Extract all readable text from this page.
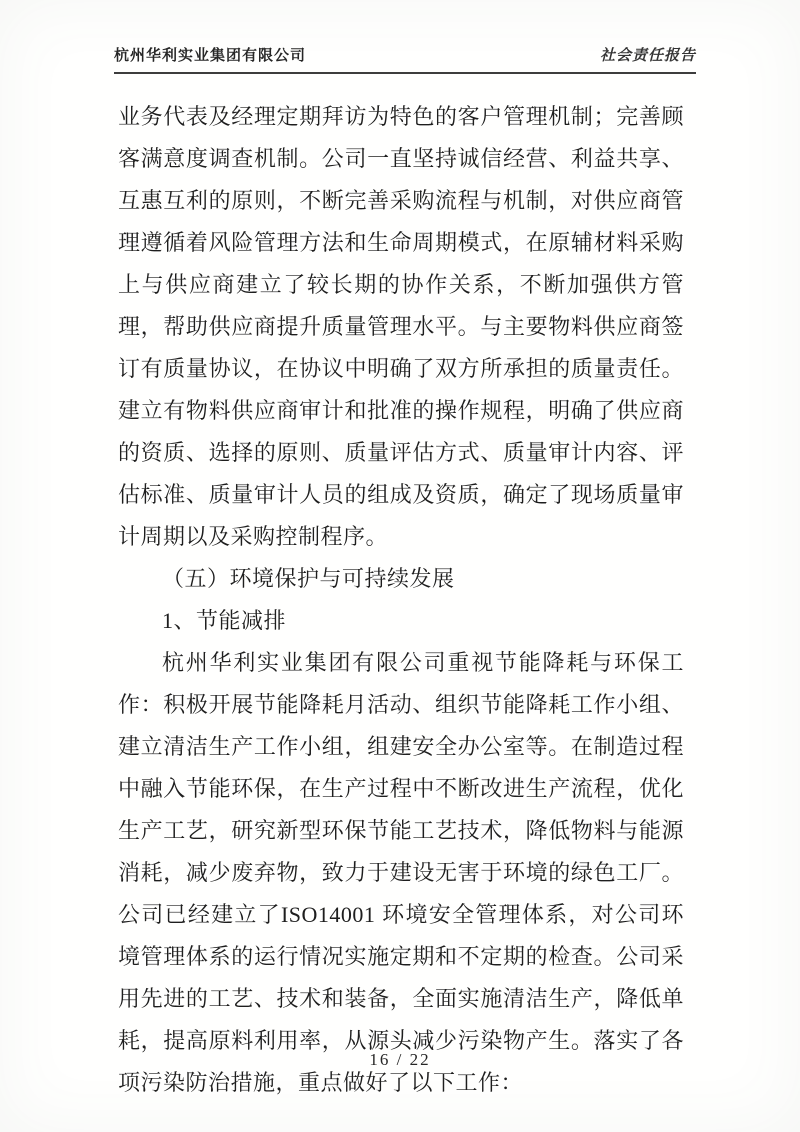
杭州华利实业集团有限公司	社会责任报告

业务代表及经理定期拜访为特色的客户管理机制；完善顾客满意度调查机制。公司一直坚持诚信经营、利益共享、互惠互利的原则，不断完善采购流程与机制，对供应商管理遵循着风险管理方法和生命周期模式，在原辅材料采购上与供应商建立了较长期的协作关系，不断加强供方管理，帮助供应商提升质量管理水平。与主要物料供应商签订有质量协议，在协议中明确了双方所承担的质量责任。建立有物料供应商审计和批准的操作规程，明确了供应商的资质、选择的原则、质量评估方式、质量审计内容、评估标准、质量审计人员的组成及资质，确定了现场质量审计周期以及采购控制程序。

（五）环境保护与可持续发展

1、节能减排

杭州华利实业集团有限公司重视节能降耗与环保工作：积极开展节能降耗月活动、组织节能降耗工作小组、建立清洁生产工作小组，组建安全办公室等。在制造过程中融入节能环保，在生产过程中不断改进生产流程，优化生产工艺，研究新型环保节能工艺技术，降低物料与能源消耗，减少废弃物，致力于建设无害于环境的绿色工厂。公司已经建立了ISO14001 环境安全管理体系，对公司环境管理体系的运行情况实施定期和不定期的检查。公司采用先进的工艺、技术和装备，全面实施清洁生产，降低单耗，提高原料利用率，从源头减少污染物产生。落实了各项污染防治措施，重点做好了以下工作：

16 / 22
